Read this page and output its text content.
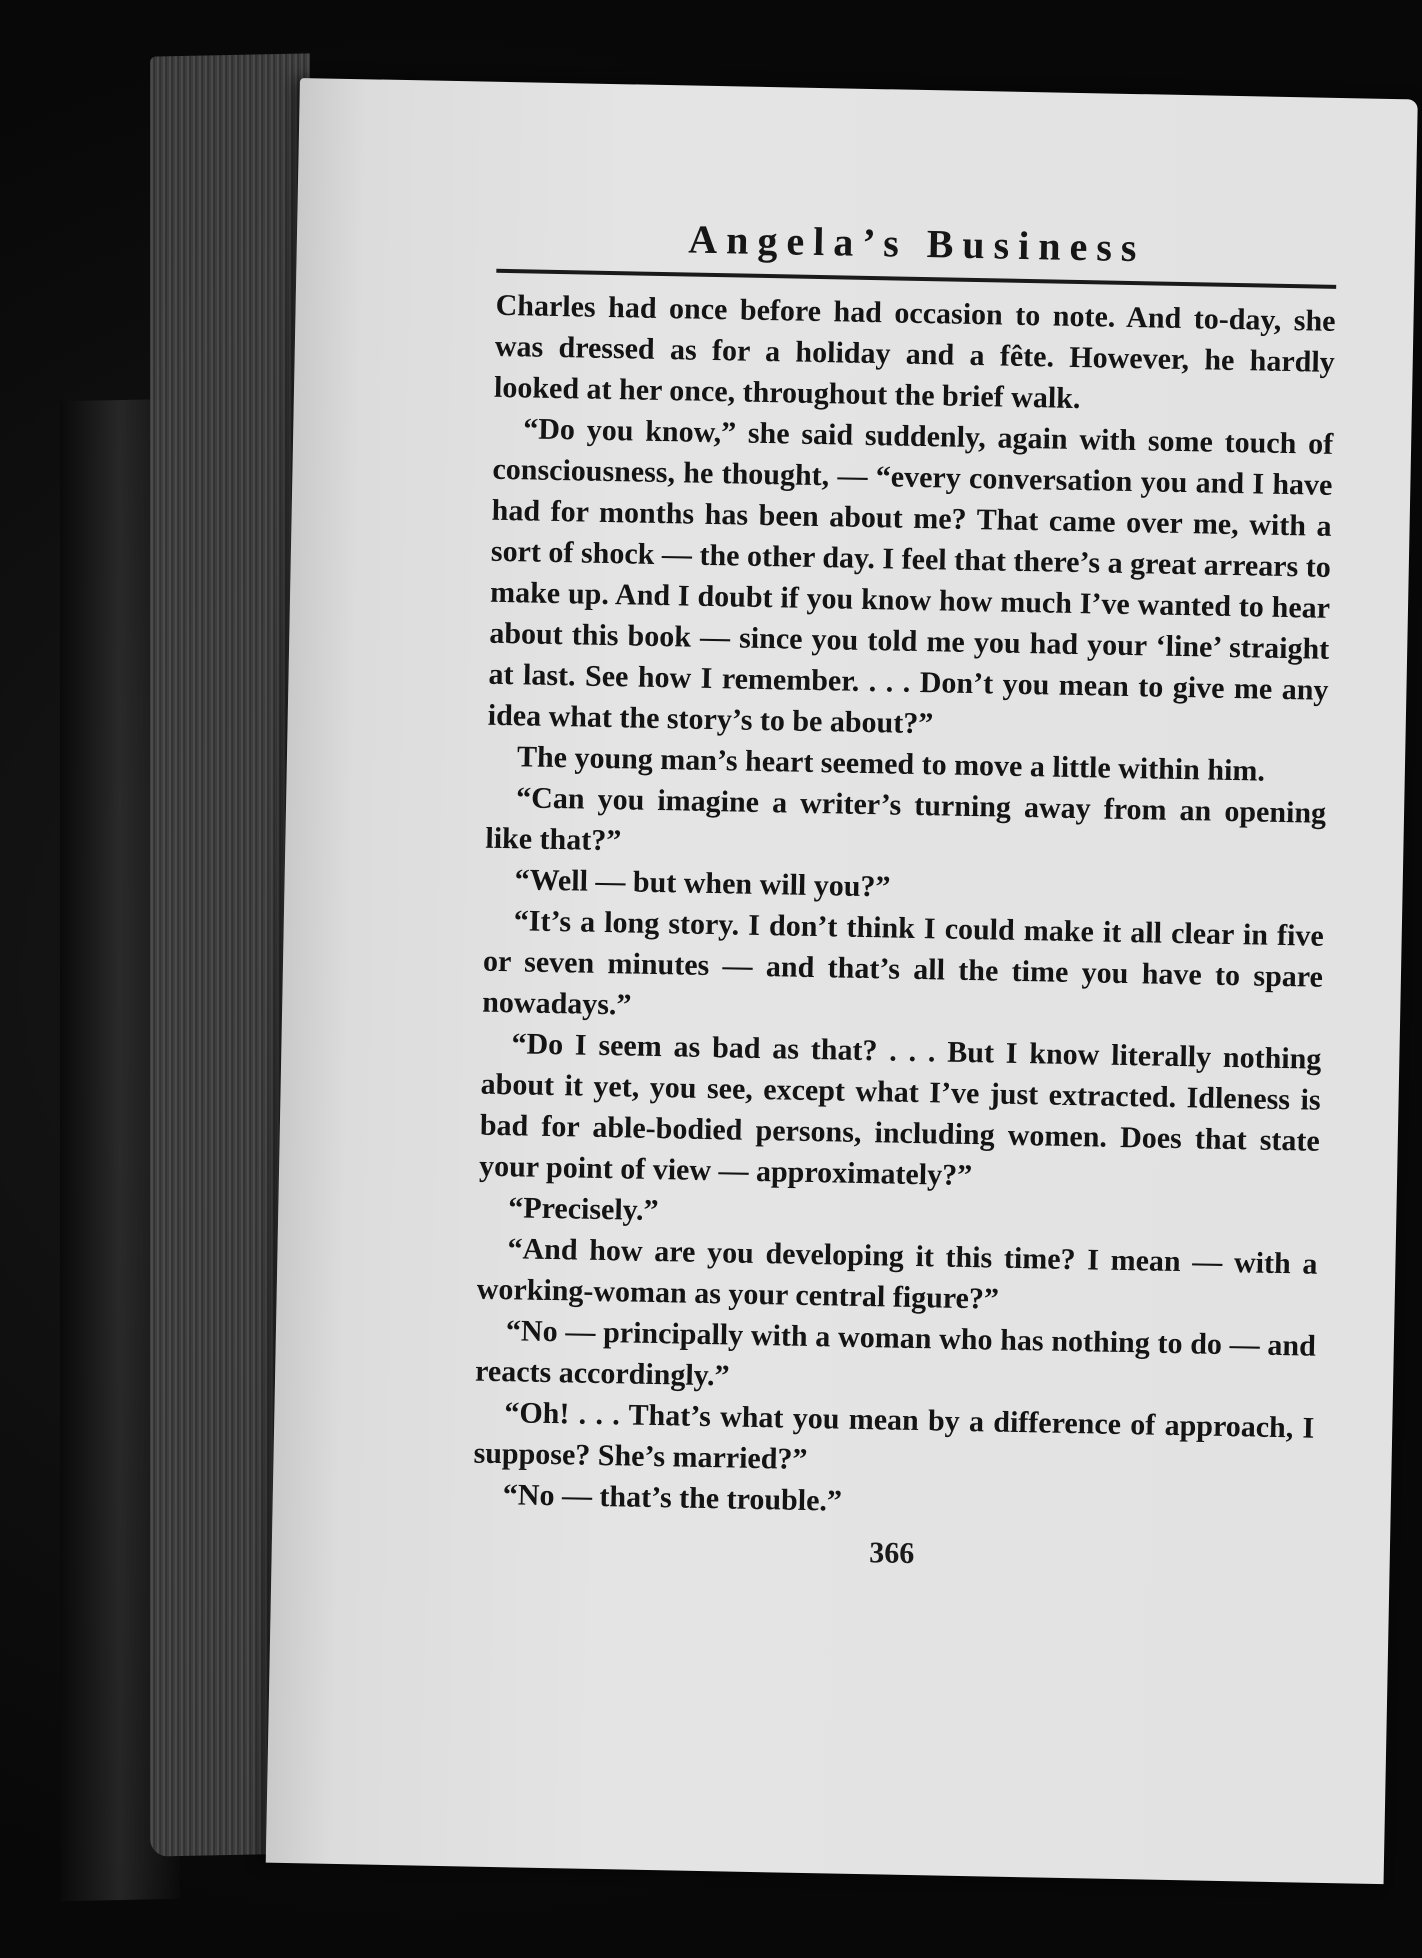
Angela’s Business

Charles had once before had occasion to note. And to-day, she was dressed as for a holiday and a fête. However, he hardly looked at her once, throughout the brief walk.

“Do you know,” she said suddenly, again with some touch of consciousness, he thought, — “every conversation you and I have had for months has been about me? That came over me, with a sort of shock — the other day. I feel that there’s a great arrears to make up. And I doubt if you know how much I’ve wanted to hear about this book — since you told me you had your ‘line’ straight at last. See how I remember. . . . Don’t you mean to give me any idea what the story’s to be about?”

The young man’s heart seemed to move a little within him.

“Can you imagine a writer’s turning away from an opening like that?”

“Well — but when will you?”

“It’s a long story. I don’t think I could make it all clear in five or seven minutes — and that’s all the time you have to spare nowadays.”

“Do I seem as bad as that? . . . But I know literally nothing about it yet, you see, except what I’ve just extracted. Idleness is bad for able-bodied persons, including women. Does that state your point of view — approximately?”

“Precisely.”

“And how are you developing it this time? I mean — with a working-woman as your central figure?”

“No — principally with a woman who has nothing to do — and reacts accordingly.”

“Oh! . . . That’s what you mean by a difference of approach, I suppose? She’s married?”

“No — that’s the trouble.”

366
